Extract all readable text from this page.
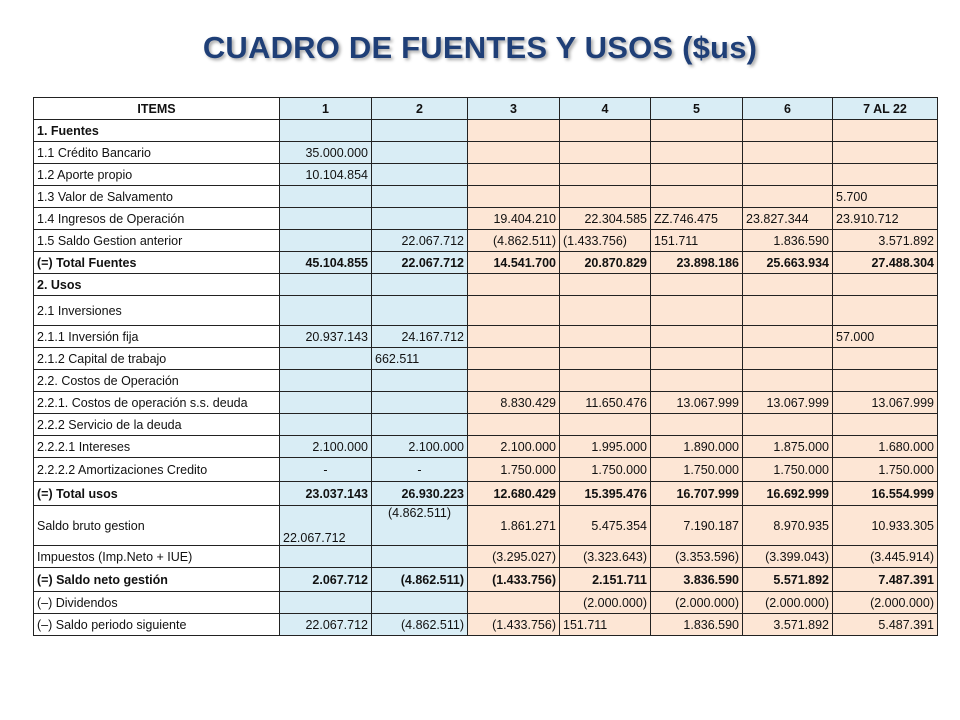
CUADRO DE FUENTES Y USOS ($us)
ITEMS	1	2	3	4	5	6	7 AL 22
1. Fuentes							
1.1 Crédito Bancario	35.000.000						
1.2 Aporte propio	10.104.854						
1.3 Valor de Salvamento							5.700
1.4 Ingresos de Operación			19.404.210	22.304.585	ZZ.746.475	23.827.344	23.910.712
1.5 Saldo Gestion anterior		22.067.712	(4.862.511)	(1.433.756)	151.711	1.836.590	3.571.892
(=) Total Fuentes	45.104.855	22.067.712	14.541.700	20.870.829	23.898.186	25.663.934	27.488.304
2. Usos							
2.1 Inversiones							
2.1.1 Inversión fija	20.937.143	24.167.712					57.000
2.1.2 Capital de trabajo		662.511					
2.2. Costos de Operación							
2.2.1. Costos de operación s.s. deuda			8.830.429	11.650.476	13.067.999	13.067.999	13.067.999
2.2.2 Servicio de la deuda							
2.2.2.1 Intereses	2.100.000	2.100.000	2.100.000	1.995.000	1.890.000	1.875.000	1.680.000
2.2.2.2 Amortizaciones Credito	-	-	1.750.000	1.750.000	1.750.000	1.750.000	1.750.000
(=) Total usos	23.037.143	26.930.223	12.680.429	15.395.476	16.707.999	16.692.999	16.554.999
Saldo bruto gestion	22.067.712	(4.862.511)	1.861.271	5.475.354	7.190.187	8.970.935	10.933.305
Impuestos (Imp.Neto + IUE)			(3.295.027)	(3.323.643)	(3.353.596)	(3.399.043)	(3.445.914)
(=) Saldo neto gestión	2.067.712	(4.862.511)	(1.433.756)	2.151.711	3.836.590	5.571.892	7.487.391
(–) Dividendos				(2.000.000)	(2.000.000)	(2.000.000)	(2.000.000)
(–) Saldo periodo siguiente	22.067.712	(4.862.511)	(1.433.756)	151.711	1.836.590	3.571.892	5.487.391
